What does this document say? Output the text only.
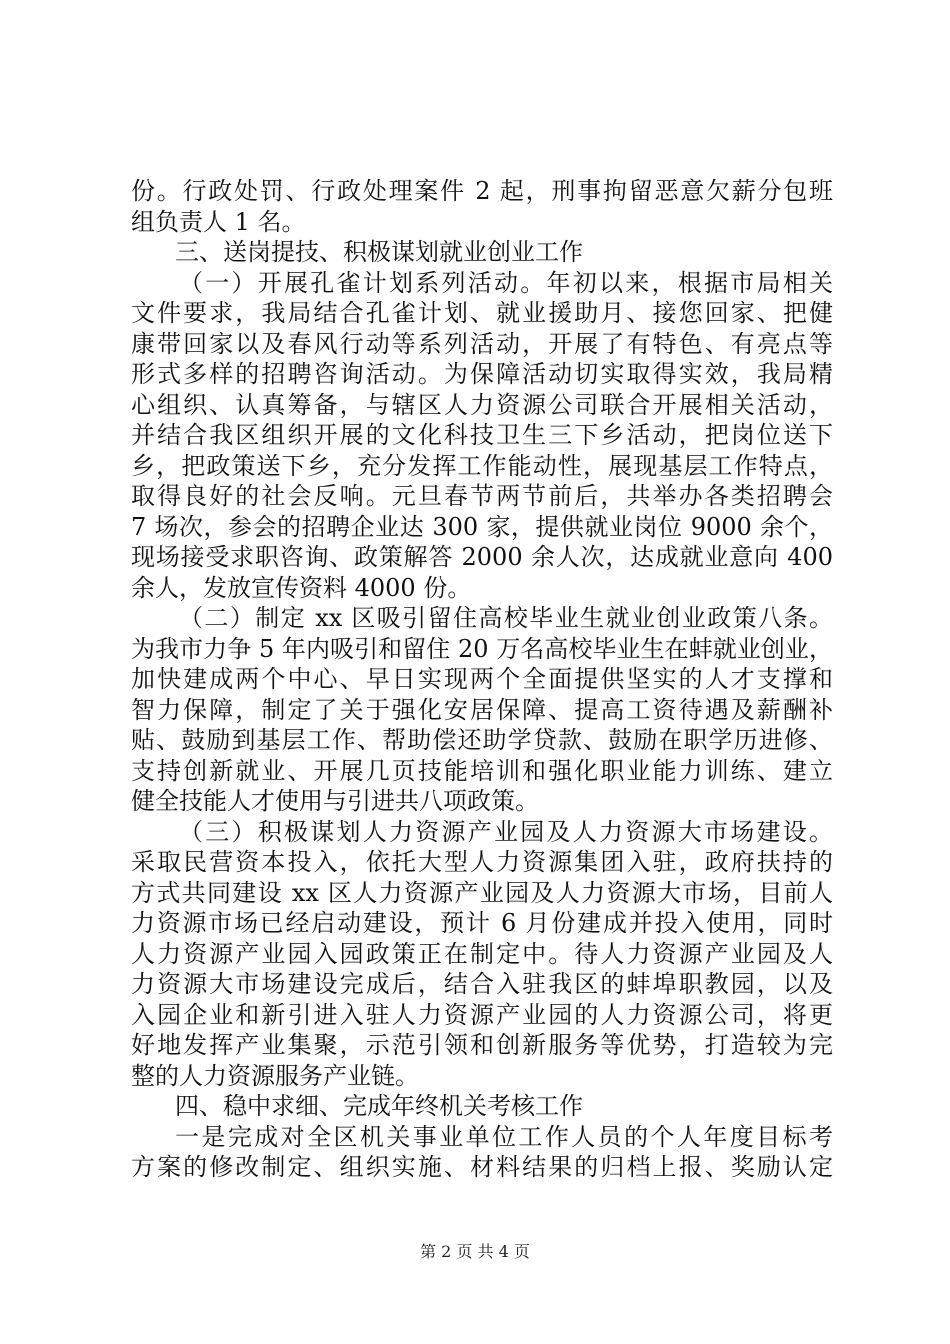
份。行政处罚、行政处理案件 2 起，刑事拘留恶意欠薪分包班
组负责人 1 名。
三、送岗提技、积极谋划就业创业工作
（一）开展孔雀计划系列活动。年初以来，根据市局相关
文件要求，我局结合孔雀计划、就业援助月、接您回家、把健
康带回家以及春风行动等系列活动，开展了有特色、有亮点等
形式多样的招聘咨询活动。为保障活动切实取得实效，我局精
心组织、认真筹备，与辖区人力资源公司联合开展相关活动，
并结合我区组织开展的文化科技卫生三下乡活动，把岗位送下
乡，把政策送下乡，充分发挥工作能动性，展现基层工作特点，
取得良好的社会反响。元旦春节两节前后，共举办各类招聘会
7 场次，参会的招聘企业达 300 家，提供就业岗位 9000 余个，
现场接受求职咨询、政策解答 2000 余人次，达成就业意向 400
余人，发放宣传资料 4000 份。
（二）制定 xx 区吸引留住高校毕业生就业创业政策八条。
为我市力争 5 年内吸引和留住 20 万名高校毕业生在蚌就业创业，
加快建成两个中心、早日实现两个全面提供坚实的人才支撑和
智力保障，制定了关于强化安居保障、提高工资待遇及薪酬补
贴、鼓励到基层工作、帮助偿还助学贷款、鼓励在职学历进修、
支持创新就业、开展几页技能培训和强化职业能力训练、建立
健全技能人才使用与引进共八项政策。
（三）积极谋划人力资源产业园及人力资源大市场建设。
采取民营资本投入，依托大型人力资源集团入驻，政府扶持的
方式共同建设 xx 区人力资源产业园及人力资源大市场，目前人
力资源市场已经启动建设，预计 6 月份建成并投入使用，同时
人力资源产业园入园政策正在制定中。待人力资源产业园及人
力资源大市场建设完成后，结合入驻我区的蚌埠职教园，以及
入园企业和新引进入驻人力资源产业园的人力资源公司，将更
好地发挥产业集聚，示范引领和创新服务等优势，打造较为完
整的人力资源服务产业链。
四、稳中求细、完成年终机关考核工作
一是完成对全区机关事业单位工作人员的个人年度目标考
方案的修改制定、组织实施、材料结果的归档上报、奖励认定
第 2 页 共 4 页
